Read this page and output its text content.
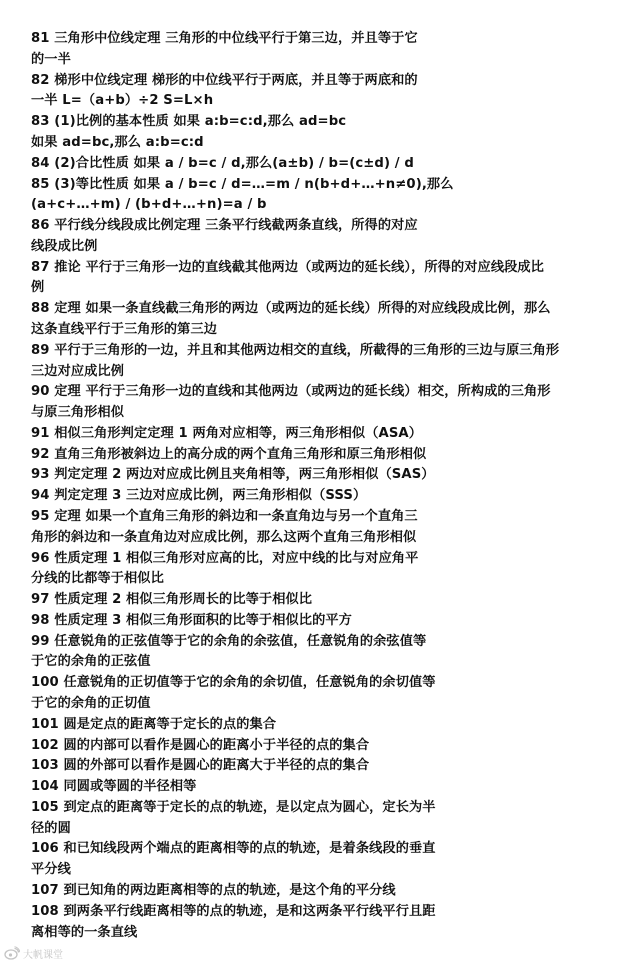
81 三角形中位线定理 三角形的中位线平行于第三边，并且等于它
的一半
82 梯形中位线定理 梯形的中位线平行于两底，并且等于两底和的
一半 L=（a+b）÷2 S=L×h
83 (1)比例的基本性质 如果 a:b=c:d,那么 ad=bc
如果 ad=bc,那么 a:b=c:d
84 (2)合比性质 如果 a / b=c / d,那么(a±b) / b=(c±d) / d
85 (3)等比性质 如果 a / b=c / d=…=m / n(b+d+…+n≠0),那么
(a+c+…+m) / (b+d+…+n)=a / b
86 平行线分线段成比例定理 三条平行线截两条直线，所得的对应
线段成比例
87 推论 平行于三角形一边的直线截其他两边（或两边的延长线），所得的对应线段成比
例
88 定理 如果一条直线截三角形的两边（或两边的延长线）所得的对应线段成比例，那么
这条直线平行于三角形的第三边
89 平行于三角形的一边，并且和其他两边相交的直线，所截得的三角形的三边与原三角形
三边对应成比例
90 定理 平行于三角形一边的直线和其他两边（或两边的延长线）相交，所构成的三角形
与原三角形相似
91 相似三角形判定定理 1 两角对应相等，两三角形相似（ASA）
92 直角三角形被斜边上的高分成的两个直角三角形和原三角形相似
93 判定定理 2 两边对应成比例且夹角相等，两三角形相似（SAS）
94 判定定理 3 三边对应成比例，两三角形相似（SSS）
95 定理 如果一个直角三角形的斜边和一条直角边与另一个直角三
角形的斜边和一条直角边对应成比例，那么这两个直角三角形相似
96 性质定理 1 相似三角形对应高的比，对应中线的比与对应角平
分线的比都等于相似比
97 性质定理 2 相似三角形周长的比等于相似比
98 性质定理 3 相似三角形面积的比等于相似比的平方
99 任意锐角的正弦值等于它的余角的余弦值，任意锐角的余弦值等
于它的余角的正弦值
100 任意锐角的正切值等于它的余角的余切值，任意锐角的余切值等
于它的余角的正切值
101 圆是定点的距离等于定长的点的集合
102 圆的内部可以看作是圆心的距离小于半径的点的集合
103 圆的外部可以看作是圆心的距离大于半径的点的集合
104 同圆或等圆的半径相等
105 到定点的距离等于定长的点的轨迹，是以定点为圆心，定长为半
径的圆
106 和已知线段两个端点的距离相等的点的轨迹，是着条线段的垂直
平分线
107 到已知角的两边距离相等的点的轨迹，是这个角的平分线
108 到两条平行线距离相等的点的轨迹，是和这两条平行线平行且距
离相等的一条直线
大帆课堂
